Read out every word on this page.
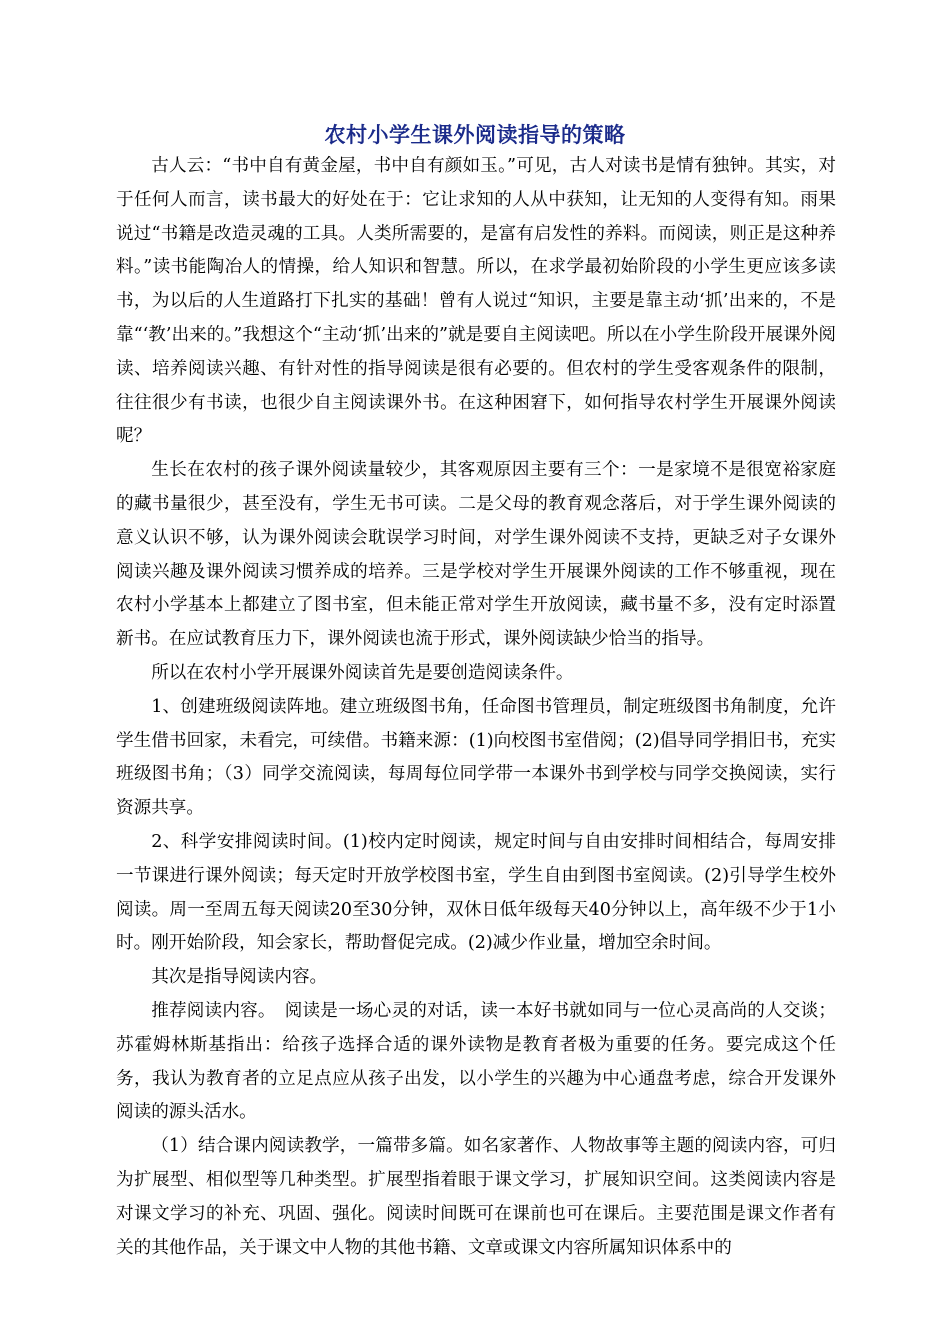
农村小学生课外阅读指导的策略

古人云：“书中自有黄金屋，书中自有颜如玉。”可见，古人对读书是情有独钟。其实，对于任何人而言，读书最大的好处在于：它让求知的人从中获知，让无知的人变得有知。雨果说过“书籍是改造灵魂的工具。人类所需要的，是富有启发性的养料。而阅读，则正是这种养料。”读书能陶冶人的情操，给人知识和智慧。所以，在求学最初始阶段的小学生更应该多读书，为以后的人生道路打下扎实的基础！曾有人说过“知识，主要是靠主动‘抓’出来的，不是靠“‘教’出来的。”我想这个“主动‘抓’出来的”就是要自主阅读吧。所以在小学生阶段开展课外阅读、培养阅读兴趣、有针对性的指导阅读是很有必要的。但农村的学生受客观条件的限制，往往很少有书读，也很少自主阅读课外书。在这种困窘下，如何指导农村学生开展课外阅读呢？

生长在农村的孩子课外阅读量较少，其客观原因主要有三个：一是家境不是很宽裕家庭的藏书量很少，甚至没有，学生无书可读。二是父母的教育观念落后，对于学生课外阅读的意义认识不够，认为课外阅读会耽误学习时间，对学生课外阅读不支持，更缺乏对子女课外阅读兴趣及课外阅读习惯养成的培养。三是学校对学生开展课外阅读的工作不够重视，现在农村小学基本上都建立了图书室，但未能正常对学生开放阅读，藏书量不多，没有定时添置新书。在应试教育压力下，课外阅读也流于形式，课外阅读缺少恰当的指导。

所以在农村小学开展课外阅读首先是要创造阅读条件。

1、创建班级阅读阵地。建立班级图书角，任命图书管理员，制定班级图书角制度，允许学生借书回家，未看完，可续借。书籍来源：(1)向校图书室借阅；(2)倡导同学捐旧书，充实班级图书角；（3）同学交流阅读，每周每位同学带一本课外书到学校与同学交换阅读，实行资源共享。

2、科学安排阅读时间。(1)校内定时阅读，规定时间与自由安排时间相结合，每周安排一节课进行课外阅读；每天定时开放学校图书室，学生自由到图书室阅读。(2)引导学生校外阅读。周一至周五每天阅读20至30分钟，双休日低年级每天40分钟以上，高年级不少于1小时。刚开始阶段，知会家长，帮助督促完成。(2)减少作业量，增加空余时间。

其次是指导阅读内容。

推荐阅读内容。　阅读是一场心灵的对话，读一本好书就如同与一位心灵高尚的人交谈；苏霍姆林斯基指出：给孩子选择合适的课外读物是教育者极为重要的任务。要完成这个任务，我认为教育者的立足点应从孩子出发，以小学生的兴趣为中心通盘考虑，综合开发课外阅读的源头活水。

（1）结合课内阅读教学，一篇带多篇。如名家著作、人物故事等主题的阅读内容，可归为扩展型、相似型等几种类型。扩展型指着眼于课文学习，扩展知识空间。这类阅读内容是对课文学习的补充、巩固、强化。阅读时间既可在课前也可在课后。主要范围是课文作者有关的其他作品，关于课文中人物的其他书籍、文章或课文内容所属知识体系中的
